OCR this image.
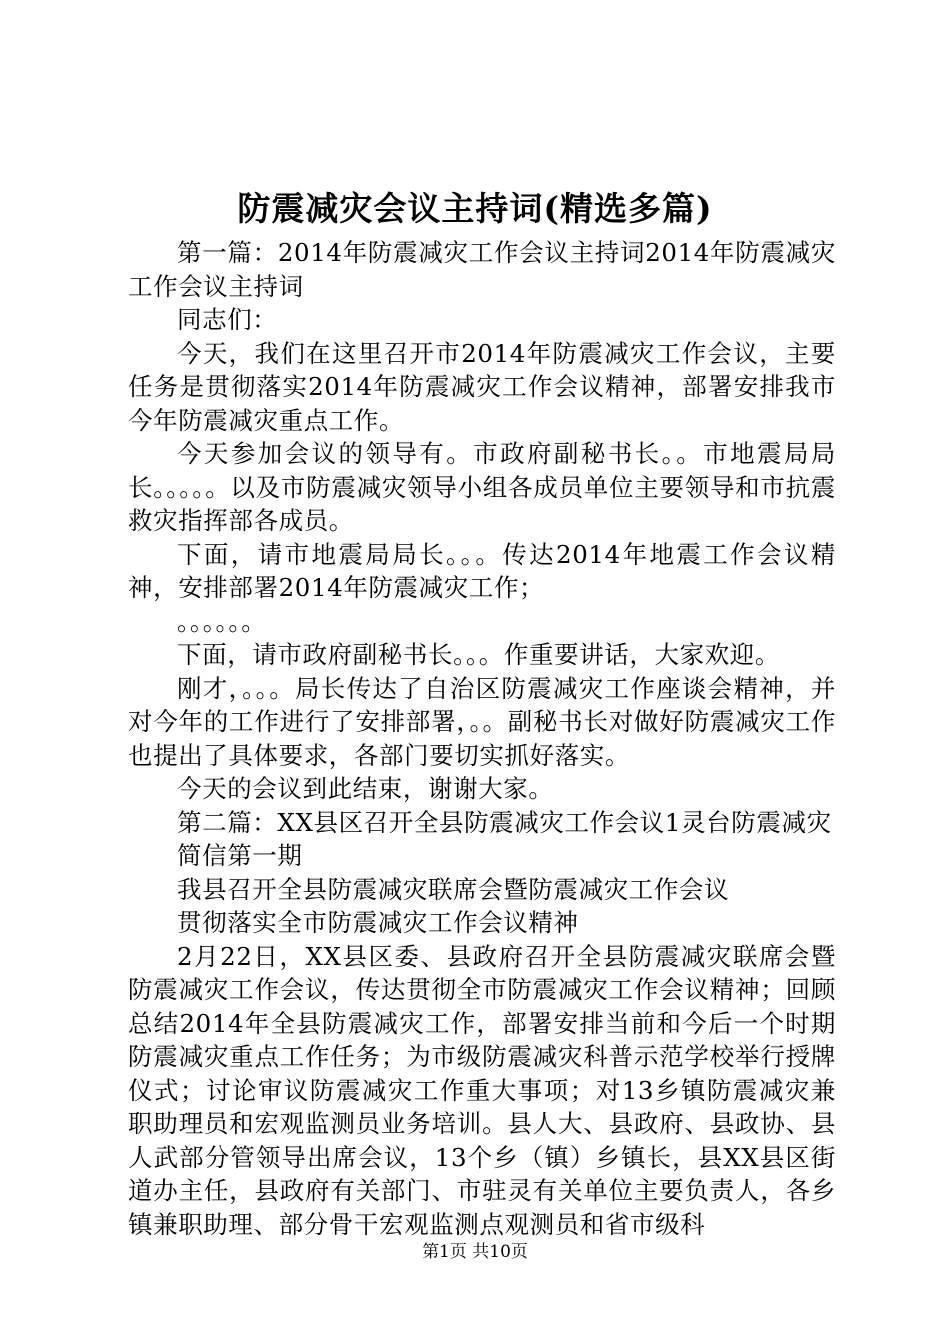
防震减灾会议主持词(精选多篇)

第一篇：2014年防震减灾工作会议主持词2014年防震减灾工作会议主持词

同志们：

今天，我们在这里召开市2014年防震减灾工作会议，主要任务是贯彻落实2014年防震减灾工作会议精神，部署安排我市今年防震减灾重点工作。

今天参加会议的领导有。市政府副秘书长。。市地震局局长。。。。。以及市防震减灾领导小组各成员单位主要领导和市抗震救灾指挥部各成员。

下面，请市地震局局长。。。传达2014年地震工作会议精神，安排部署2014年防震减灾工作；

。。。。。。

下面，请市政府副秘书长。。。作重要讲话，大家欢迎。

刚才，。。。局长传达了自治区防震减灾工作座谈会精神，并对今年的工作进行了安排部署，。。副秘书长对做好防震减灾工作也提出了具体要求，各部门要切实抓好落实。

今天的会议到此结束，谢谢大家。

第二篇：XX县区召开全县防震减灾工作会议1灵台防震减灾

简信第一期

我县召开全县防震减灾联席会暨防震减灾工作会议

贯彻落实全市防震减灾工作会议精神

2月22日，XX县区委、县政府召开全县防震减灾联席会暨防震减灾工作会议，传达贯彻全市防震减灾工作会议精神；回顾总结2014年全县防震减灾工作，部署安排当前和今后一个时期防震减灾重点工作任务；为市级防震减灾科普示范学校举行授牌仪式；讨论审议防震减灾工作重大事项；对13乡镇防震减灾兼职助理员和宏观监测员业务培训。县人大、县政府、县政协、县人武部分管领导出席会议，13个乡（镇）乡镇长，县XX县区街道办主任，县政府有关部门、市驻灵有关单位主要负责人，各乡镇兼职助理、部分骨干宏观监测点观测员和省市级科

第1页 共10页
